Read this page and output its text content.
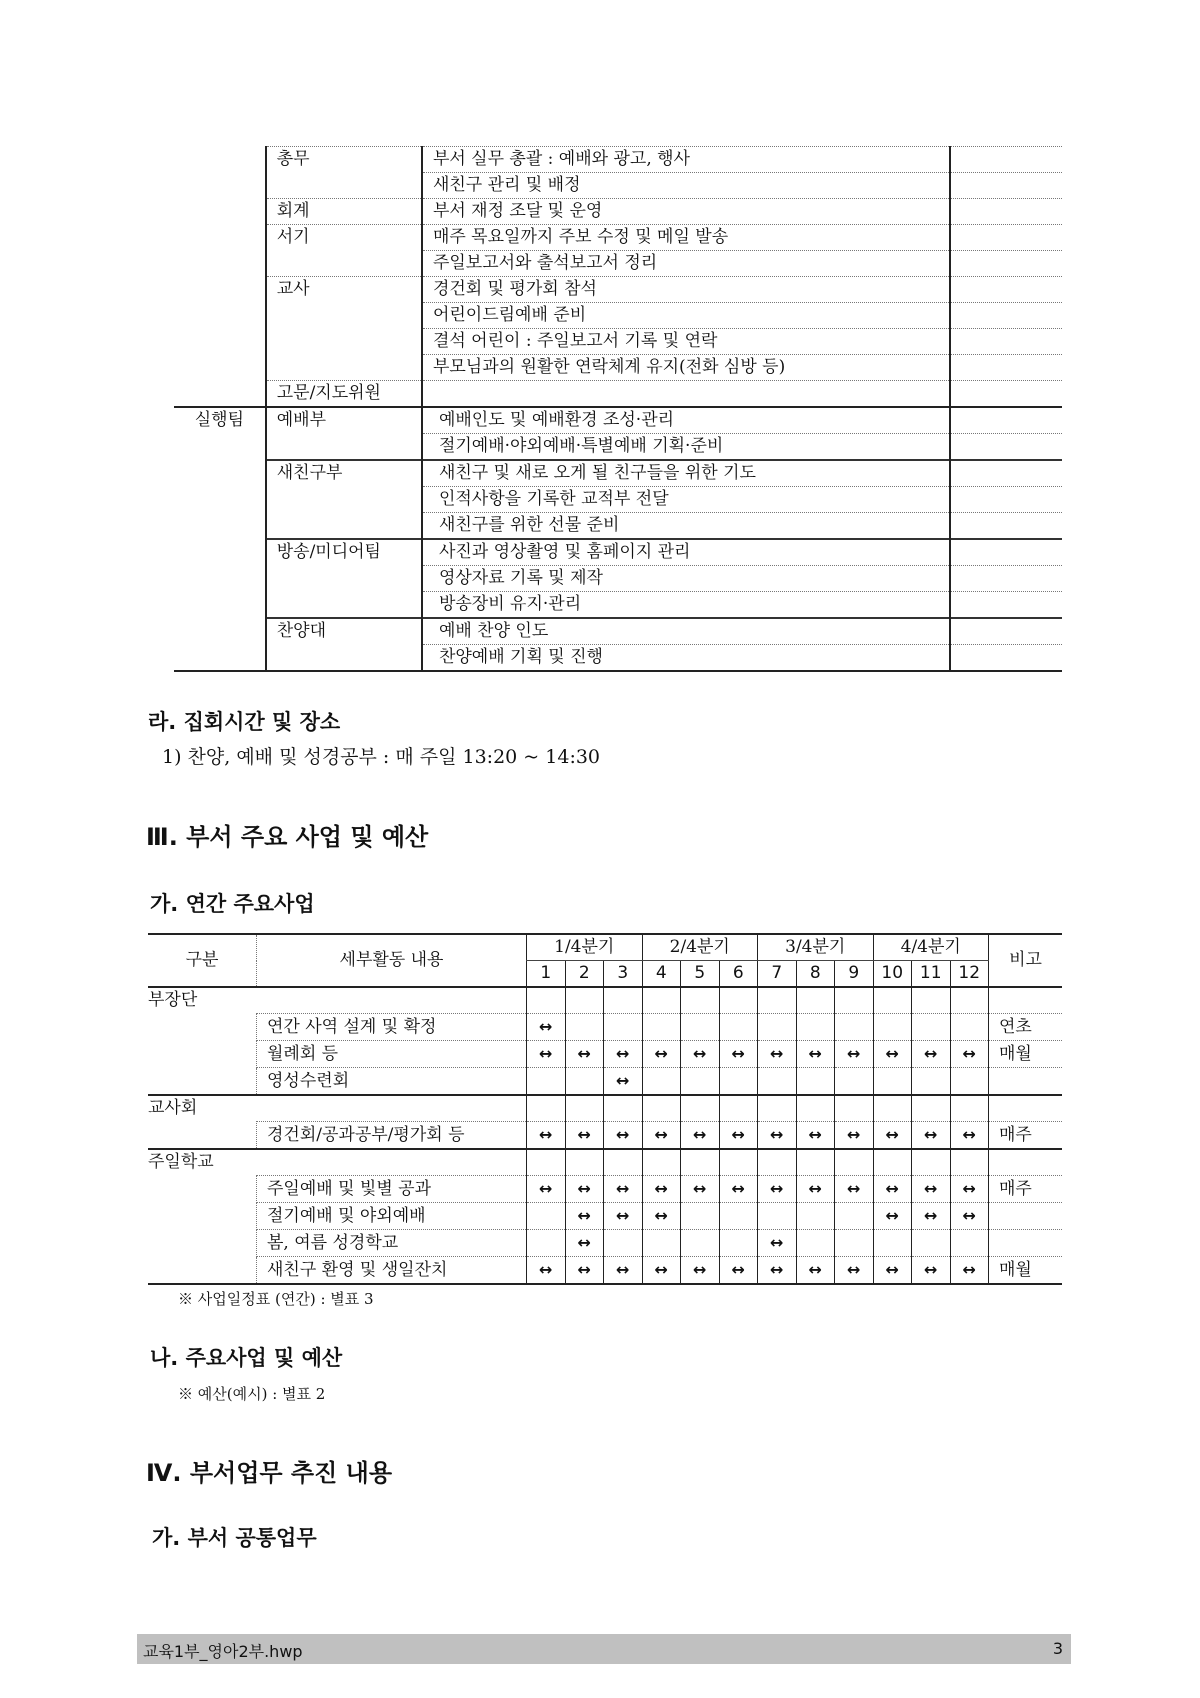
	총무	부서 실무 총괄 : 예배와 광고, 행사	
		새친구 관리 및 배정	
	회계	부서 재정 조달 및 운영	
	서기	매주 목요일까지 주보 수정 및 메일 발송	
		주일보고서와 출석보고서 정리	
	교사	경건회 및 평가회 참석	
		어린이드림예배 준비	
		결석 어린이 : 주일보고서 기록 및 연락	
		부모님과의 원활한 연락체계 유지(전화 심방 등)	
	고문/지도위원		
실행팀	예배부	예배인도 및 예배환경 조성·관리	
		절기예배·야외예배·특별예배 기획·준비	
	새친구부	새친구 및 새로 오게 될 친구들을 위한 기도	
		인적사항을 기록한 교적부 전달	
		새친구를 위한 선물 준비	
	방송/미디어팀	사진과 영상촬영 및 홈페이지 관리	
		영상자료 기록 및 제작	
		방송장비 유지·관리	
	찬양대	예배 찬양 인도	
		찬양예배 기획 및 진행	
라. 집회시간 및 장소
1) 찬양, 예배 및 성경공부 : 매 주일 13:20 ~ 14:30
Ⅲ. 부서 주요 사업 및 예산
가. 연간 주요사업
구분	세부활동 내용	1/4분기			2/4분기			3/4분기			4/4분기			비고
		1	2	3	4	5	6	7	8	9	10	11	12	
부장단														
	연간 사역 설계 및 확정	↔												연초
	월례회 등	↔	↔	↔	↔	↔	↔	↔	↔	↔	↔	↔	↔	매월
	영성수련회			↔										
교사회														
	경건회/공과공부/평가회 등	↔	↔	↔	↔	↔	↔	↔	↔	↔	↔	↔	↔	매주
주일학교														
	주일예배 및 빛별 공과	↔	↔	↔	↔	↔	↔	↔	↔	↔	↔	↔	↔	매주
	절기예배 및 야외예배		↔	↔	↔						↔	↔	↔	
	봄, 여름 성경학교		↔					↔						
	새친구 환영 및 생일잔치	↔	↔	↔	↔	↔	↔	↔	↔	↔	↔	↔	↔	매월
※ 사업일정표 (연간) : 별표 3
나. 주요사업 및 예산
※ 예산(예시) : 별표 2
Ⅳ. 부서업무 추진 내용
가. 부서 공통업무
교육1부_영아2부.hwp	3
